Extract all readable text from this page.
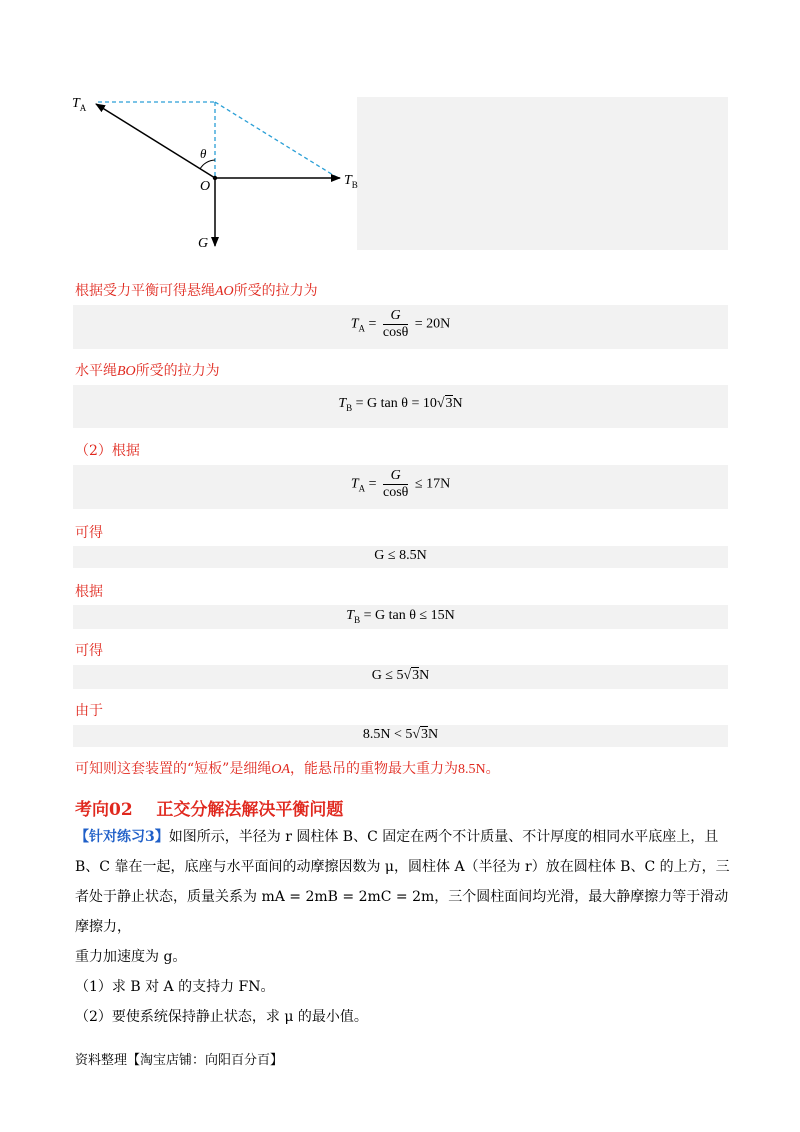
$T_A$
$T_B$
θ
O
G
根据受力平衡可得悬绳AO所受的拉力为
$T_A = \frac{G}{\cos\theta} = 20N$
水平绳BO所受的拉力为
$T_B = G$ tan θ = 10√3N
（2）根据
$T_A = \frac{G}{\cos\theta} \le 17N$
可得
G ≤ 8.5N
根据
$T_B = G$ tan θ ≤ 15N
可得
G ≤ 5√3N
由于
8.5N < 5√3N
可知则这套装置的“短板”是细绳OA，能悬吊的重物最大重力为8.5N。
考向02    正交分解法解决平衡问题
【针对练习3】如图所示，半径为 r 圆柱体 B、C 固定在两个不计质量、不计厚度的相同水平底座上，且
B、C 靠在一起，底座与水平面间的动摩擦因数为 μ，圆柱体 A（半径为 r）放在圆柱体 B、C 的上方，三
者处于静止状态，质量关系为 mA = 2mB = 2mC = 2m，三个圆柱面间均光滑，最大静摩擦力等于滑动摩擦力，
重力加速度为 g。
（1）求 B 对 A 的支持力 FN。
（2）要使系统保持静止状态，求 μ 的最小值。
资料整理【淘宝店铺：向阳百分百】
